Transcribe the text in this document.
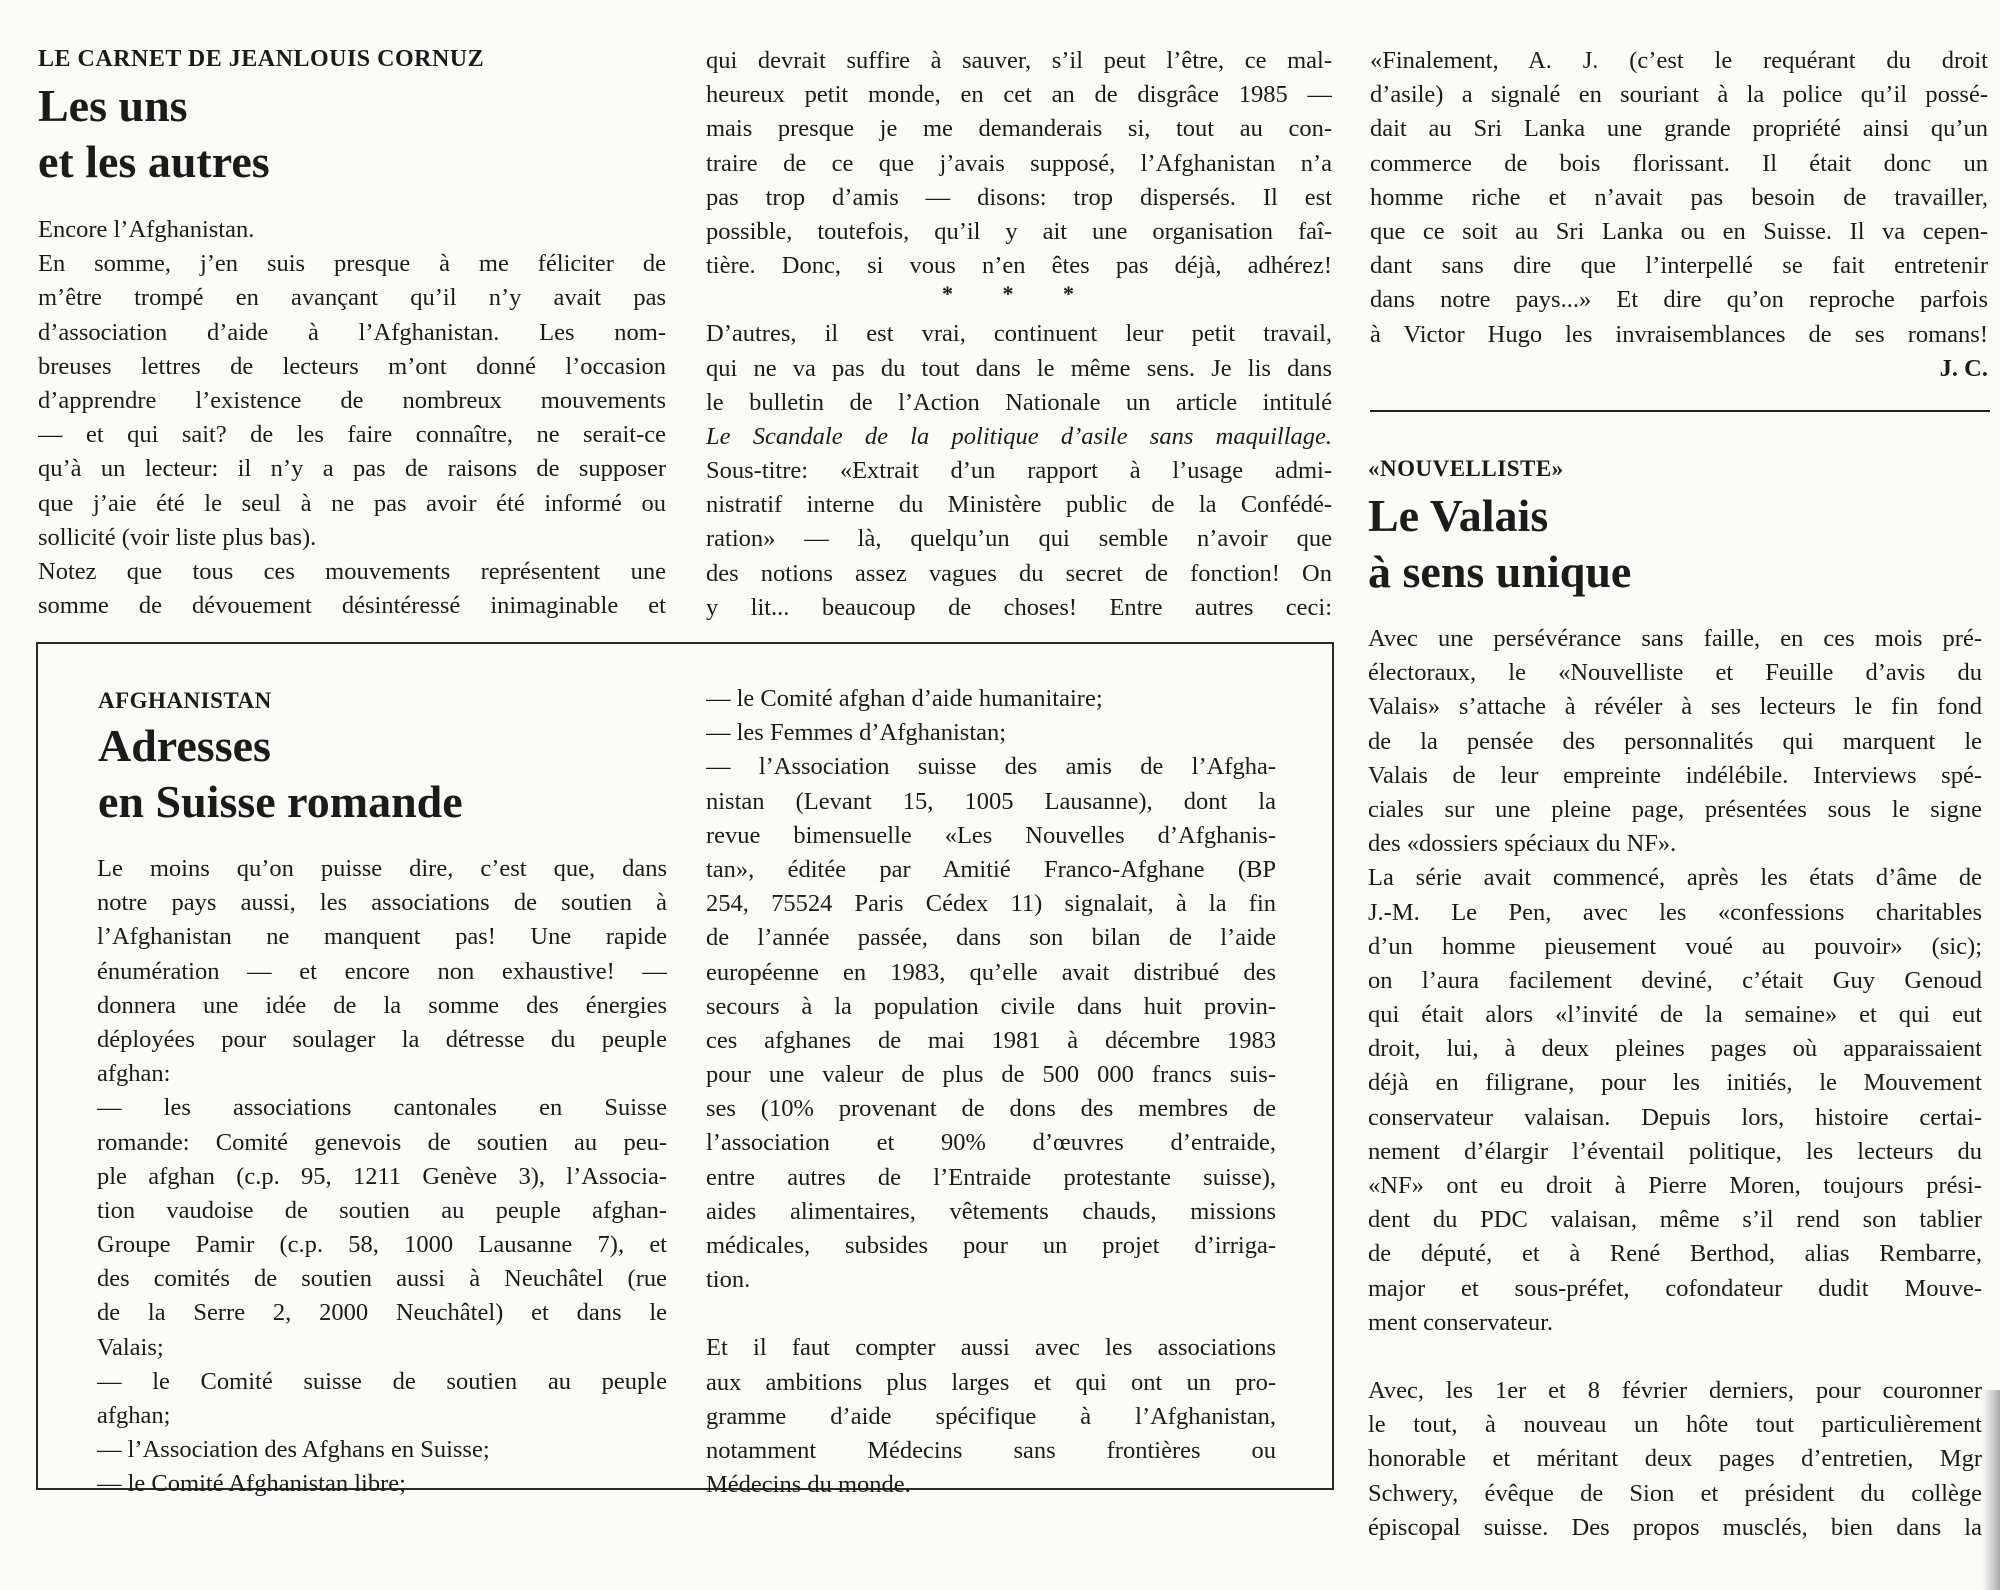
LE CARNET DE JEANLOUIS CORNUZ
Les uns
et les autres
Encore l’Afghanistan.
En somme, j’en suis presque à me féliciter de
m’être trompé en avançant qu’il n’y avait pas
d’association d’aide à l’Afghanistan. Les nom-
breuses lettres de lecteurs m’ont donné l’occasion
d’apprendre l’existence de nombreux mouvements
— et qui sait? de les faire connaître, ne serait-ce
qu’à un lecteur: il n’y a pas de raisons de supposer
que j’aie été le seul à ne pas avoir été informé ou
sollicité (voir liste plus bas).
Notez que tous ces mouvements représentent une
somme de dévouement désintéressé inimaginable et
qui devrait suffire à sauver, s’il peut l’être, ce mal-
heureux petit monde, en cet an de disgrâce 1985 —
mais presque je me demanderais si, tout au con-
traire de ce que j’avais supposé, l’Afghanistan n’a
pas trop d’amis — disons: trop dispersés. Il est
possible, toutefois, qu’il y ait une organisation faî-
tière. Donc, si vous n’en êtes pas déjà, adhérez!
* * *
D’autres, il est vrai, continuent leur petit travail,
qui ne va pas du tout dans le même sens. Je lis dans
le bulletin de l’Action Nationale un article intitulé
Le Scandale de la politique d’asile sans maquillage.
Sous-titre: «Extrait d’un rapport à l’usage admi-
nistratif interne du Ministère public de la Confédé-
ration» — là, quelqu’un qui semble n’avoir que
des notions assez vagues du secret de fonction! On
y lit... beaucoup de choses! Entre autres ceci:
«Finalement, A. J. (c’est le requérant du droit
d’asile) a signalé en souriant à la police qu’il possé-
dait au Sri Lanka une grande propriété ainsi qu’un
commerce de bois florissant. Il était donc un
homme riche et n’avait pas besoin de travailler,
que ce soit au Sri Lanka ou en Suisse. Il va cepen-
dant sans dire que l’interpellé se fait entretenir
dans notre pays...» Et dire qu’on reproche parfois
à Victor Hugo les invraisemblances de ses romans!
J. C.
AFGHANISTAN
Adresses
en Suisse romande
Le moins qu’on puisse dire, c’est que, dans
notre pays aussi, les associations de soutien à
l’Afghanistan ne manquent pas! Une rapide
énumération — et encore non exhaustive! —
donnera une idée de la somme des énergies
déployées pour soulager la détresse du peuple
afghan:
— les associations cantonales en Suisse
romande: Comité genevois de soutien au peu-
ple afghan (c.p. 95, 1211 Genève 3), l’Associa-
tion vaudoise de soutien au peuple afghan-
Groupe Pamir (c.p. 58, 1000 Lausanne 7), et
des comités de soutien aussi à Neuchâtel (rue
de la Serre 2, 2000 Neuchâtel) et dans le
Valais;
— le Comité suisse de soutien au peuple
afghan;
— l’Association des Afghans en Suisse;
— le Comité Afghanistan libre;
— le Comité afghan d’aide humanitaire;
— les Femmes d’Afghanistan;
— l’Association suisse des amis de l’Afgha-
nistan (Levant 15, 1005 Lausanne), dont la
revue bimensuelle «Les Nouvelles d’Afghanis-
tan», éditée par Amitié Franco-Afghane (BP
254, 75524 Paris Cédex 11) signalait, à la fin
de l’année passée, dans son bilan de l’aide
européenne en 1983, qu’elle avait distribué des
secours à la population civile dans huit provin-
ces afghanes de mai 1981 à décembre 1983
pour une valeur de plus de 500 000 francs suis-
ses (10% provenant de dons des membres de
l’association et 90% d’œuvres d’entraide,
entre autres de l’Entraide protestante suisse),
aides alimentaires, vêtements chauds, missions
médicales, subsides pour un projet d’irriga-
tion.
Et il faut compter aussi avec les associations
aux ambitions plus larges et qui ont un pro-
gramme d’aide spécifique à l’Afghanistan,
notamment Médecins sans frontières ou
Médecins du monde.
«NOUVELLISTE»
Le Valais
à sens unique
Avec une persévérance sans faille, en ces mois pré-
électoraux, le «Nouvelliste et Feuille d’avis du
Valais» s’attache à révéler à ses lecteurs le fin fond
de la pensée des personnalités qui marquent le
Valais de leur empreinte indélébile. Interviews spé-
ciales sur une pleine page, présentées sous le signe
des «dossiers spéciaux du NF».
La série avait commencé, après les états d’âme de
J.-M. Le Pen, avec les «confessions charitables
d’un homme pieusement voué au pouvoir» (sic);
on l’aura facilement deviné, c’était Guy Genoud
qui était alors «l’invité de la semaine» et qui eut
droit, lui, à deux pleines pages où apparaissaient
déjà en filigrane, pour les initiés, le Mouvement
conservateur valaisan. Depuis lors, histoire certai-
nement d’élargir l’éventail politique, les lecteurs du
«NF» ont eu droit à Pierre Moren, toujours prési-
dent du PDC valaisan, même s’il rend son tablier
de député, et à René Berthod, alias Rembarre,
major et sous-préfet, cofondateur dudit Mouve-
ment conservateur.
Avec, les 1er et 8 février derniers, pour couronner
le tout, à nouveau un hôte tout particulièrement
honorable et méritant deux pages d’entretien, Mgr
Schwery, évêque de Sion et président du collège
épiscopal suisse. Des propos musclés, bien dans la
